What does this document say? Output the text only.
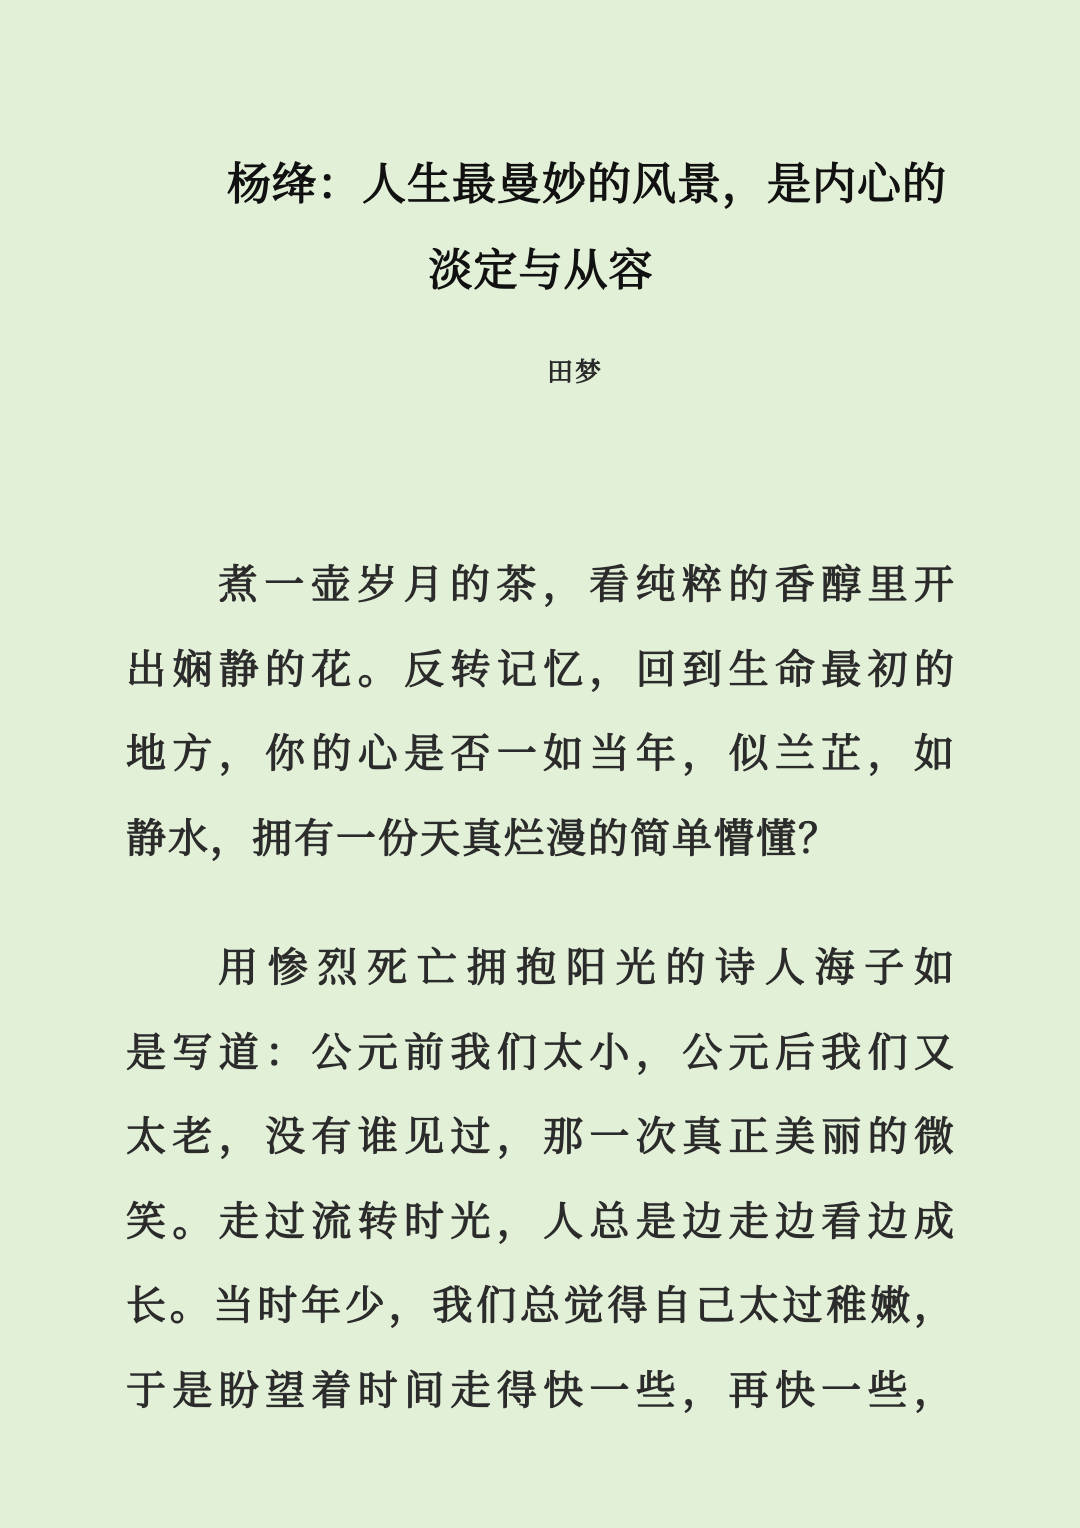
杨绛：人生最曼妙的风景，是内心的
淡定与从容
田梦
煮一壶岁月的茶，看纯粹的香醇里开
出娴静的花。反转记忆，回到生命最初的
地方，你的心是否一如当年，似兰芷，如
静水，拥有一份天真烂漫的简单懵懂？
用惨烈死亡拥抱阳光的诗人海子如
是写道：公元前我们太小，公元后我们又
太老，没有谁见过，那一次真正美丽的微
笑。走过流转时光，人总是边走边看边成
长。当时年少，我们总觉得自己太过稚嫩，
于是盼望着时间走得快一些，再快一些，
